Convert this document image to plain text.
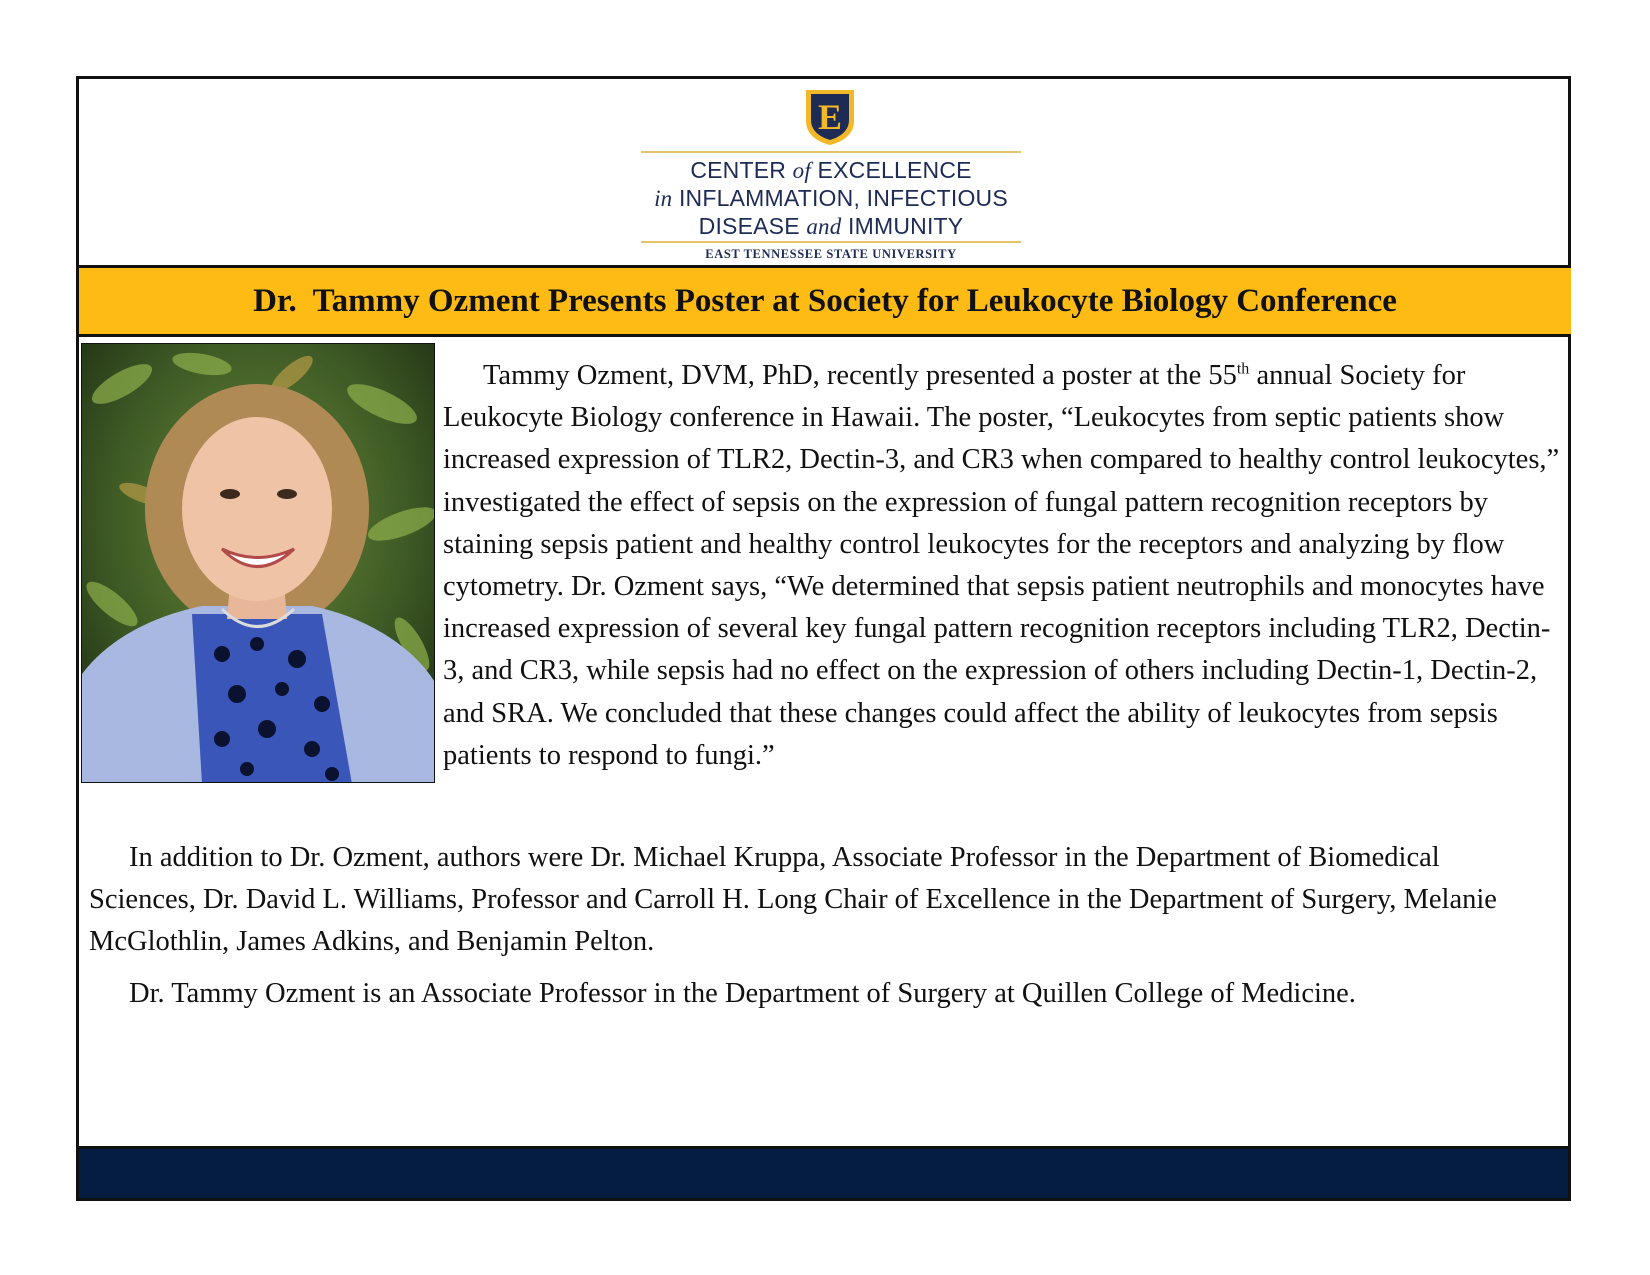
E
CENTER of EXCELLENCE
in INFLAMMATION, INFECTIOUS
DISEASE and IMMUNITY
EAST TENNESSEE STATE UNIVERSITY
Dr.  Tammy Ozment Presents Poster at Society for Leukocyte Biology Conference

Tammy Ozment, DVM, PhD, recently presented a poster at the 55th annual Society for Leukocyte Biology conference in Hawaii. The poster, “Leukocytes from septic patients show increased expression of TLR2, Dectin-3, and CR3 when compared to healthy control leukocytes,” investigated the effect of sepsis on the expression of fungal pattern recognition receptors by staining sepsis patient and healthy control leukocytes for the receptors and analyzing by flow cytometry. Dr. Ozment says, “We determined that sepsis patient neutrophils and monocytes have increased expression of several key fungal pattern recognition receptors including TLR2, Dectin-3, and CR3, while sepsis had no effect on the expression of others including Dectin-1, Dectin-2, and SRA. We concluded that these changes could affect the ability of leukocytes from sepsis patients to respond to fungi.”

In addition to Dr. Ozment, authors were Dr. Michael Kruppa, Associate Professor in the Department of Biomedical Sciences, Dr. David L. Williams, Professor and Carroll H. Long Chair of Excellence in the Department of Surgery, Melanie McGlothlin, James Adkins, and Benjamin Pelton.

Dr. Tammy Ozment is an Associate Professor in the Department of Surgery at Quillen College of Medicine.
